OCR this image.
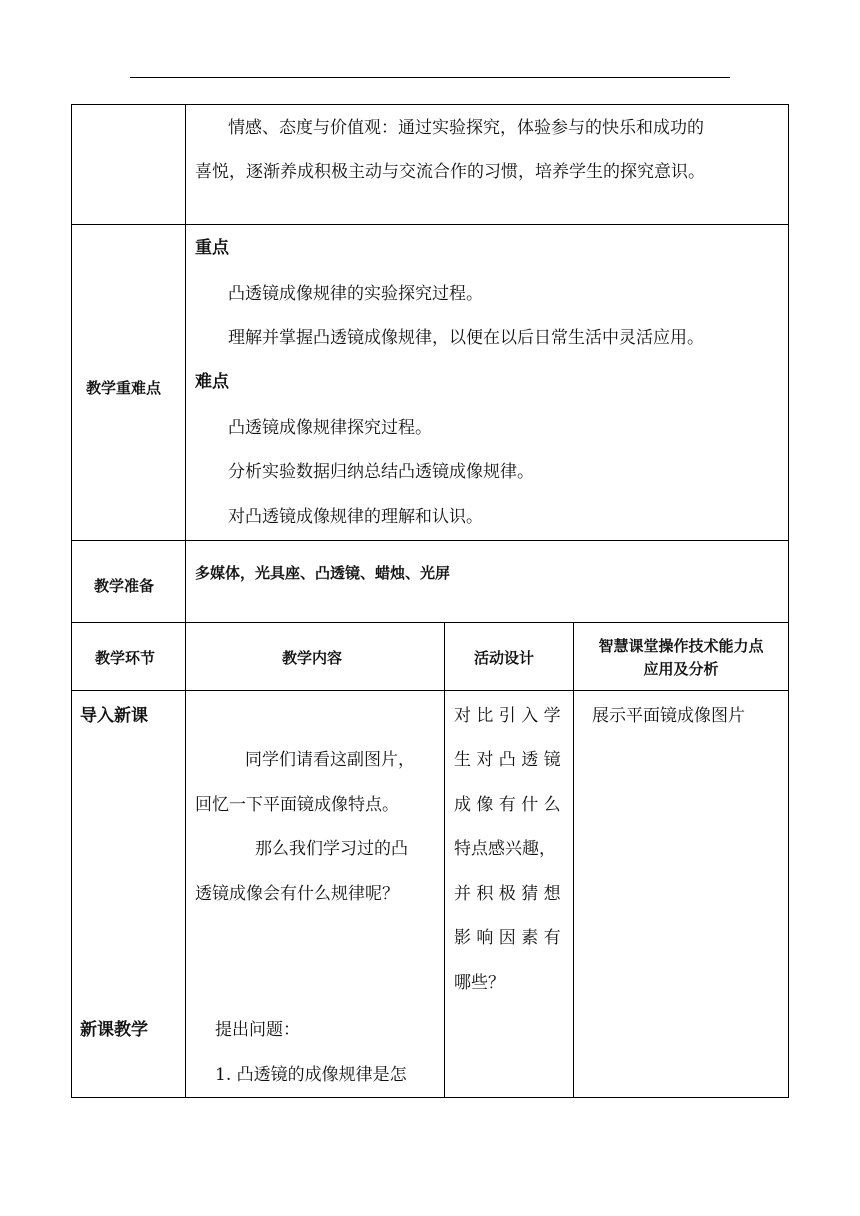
情感、态度与价值观：通过实验探究，体验参与的快乐和成功的
喜悦，逐渐养成积极主动与交流合作的习惯，培养学生的探究意识。
教学重难点
重点
凸透镜成像规律的实验探究过程。
理解并掌握凸透镜成像规律，以便在以后日常生活中灵活应用。
难点
凸透镜成像规律探究过程。
分析实验数据归纳总结凸透镜成像规律。
对凸透镜成像规律的理解和认识。
教学准备
多媒体，光具座、凸透镜、蜡烛、光屏
教学环节	教学内容	活动设计
智慧课堂操作技术能力点
应用及分析
导入新课
新课教学
同学们请看这副图片，
回忆一下平面镜成像特点。
那么我们学习过的凸
透镜成像会有什么规律呢？
提出问题：
1. 凸透镜的成像规律是怎
对 比 引 入 学
生 对 凸 透 镜
成 像 有 什 么
特点感兴趣，
并 积 极 猜 想
影 响 因 素 有
哪些？
展示平面镜成像图片
